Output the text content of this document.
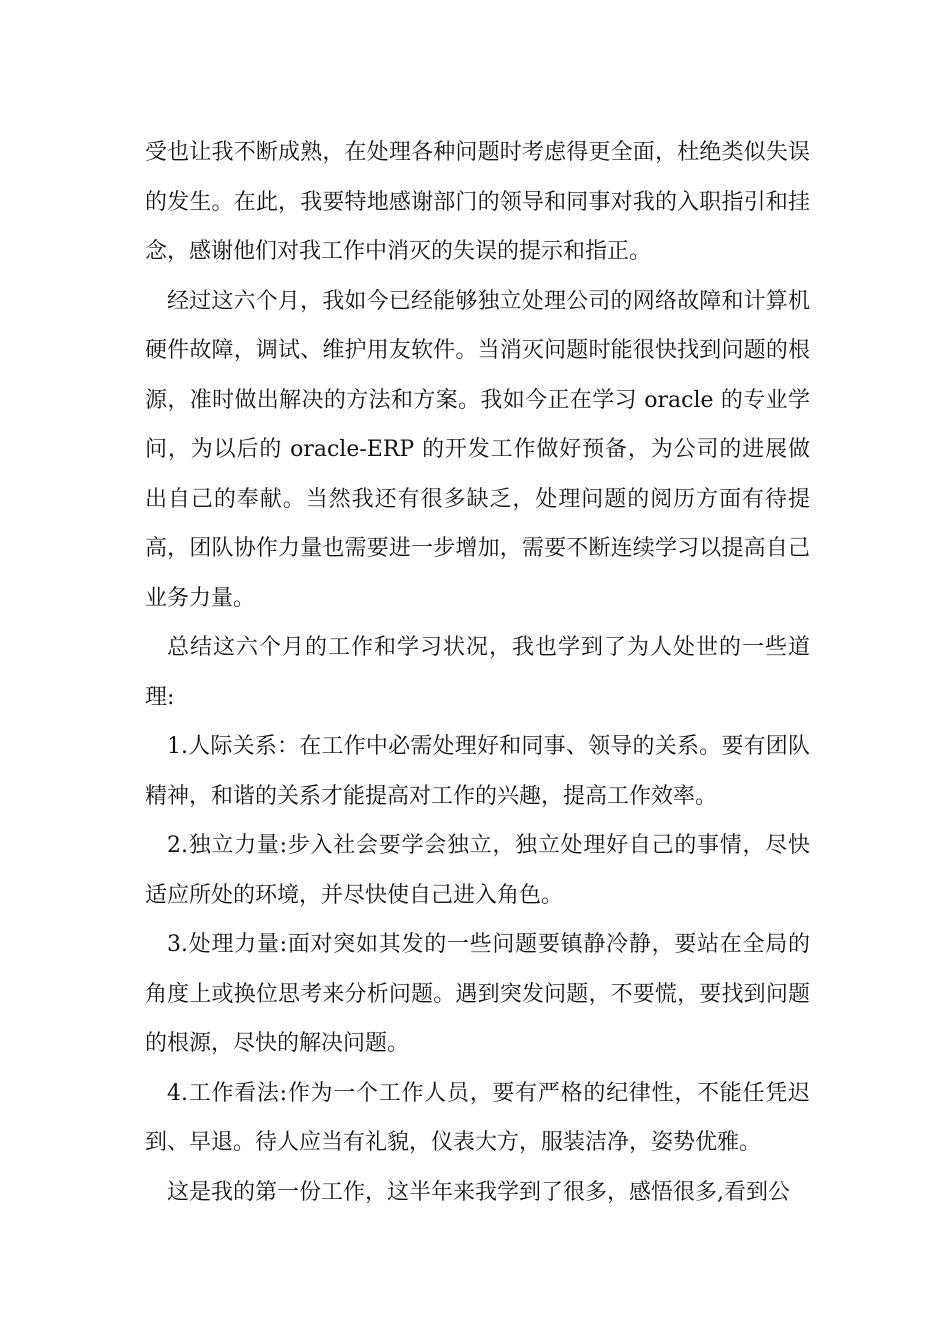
受也让我不断成熟，在处理各种问题时考虑得更全面，杜绝类似失误的发生。在此，我要特地感谢部门的领导和同事对我的入职指引和挂念，感谢他们对我工作中消灭的失误的提示和指正。

经过这六个月，我如今已经能够独立处理公司的网络故障和计算机硬件故障，调试、维护用友软件。当消灭问题时能很快找到问题的根源，准时做出解决的方法和方案。我如今正在学习 oracle 的专业学问，为以后的 oracle-ERP 的开发工作做好预备，为公司的进展做出自己的奉献。当然我还有很多缺乏，处理问题的阅历方面有待提高，团队协作力量也需要进一步增加，需要不断连续学习以提高自己业务力量。

总结这六个月的工作和学习状况，我也学到了为人处世的一些道理:

1.人际关系：在工作中必需处理好和同事、领导的关系。要有团队精神，和谐的关系才能提高对工作的兴趣，提高工作效率。

2.独立力量:步入社会要学会独立，独立处理好自己的事情，尽快适应所处的环境，并尽快使自己进入角色。

3.处理力量:面对突如其发的一些问题要镇静冷静，要站在全局的角度上或换位思考来分析问题。遇到突发问题，不要慌，要找到问题的根源，尽快的解决问题。

4.工作看法:作为一个工作人员，要有严格的纪律性，不能任凭迟到、早退。待人应当有礼貌，仪表大方，服装洁净，姿势优雅。

这是我的第一份工作，这半年来我学到了很多，感悟很多,看到公
